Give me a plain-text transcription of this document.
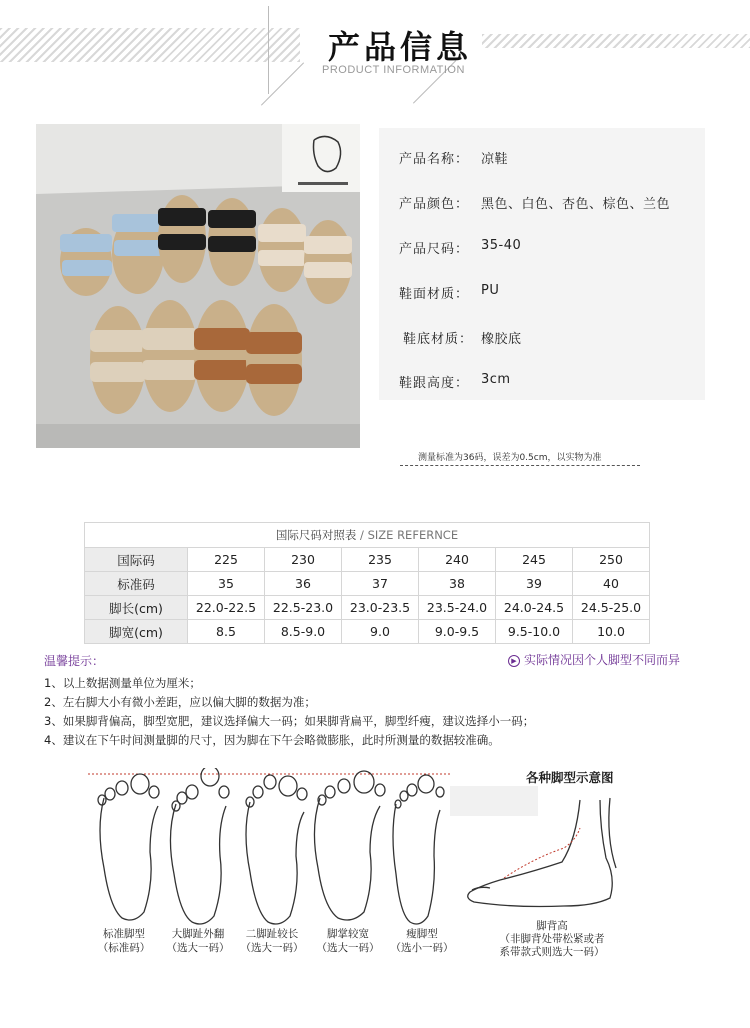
产品信息
PRODUCT INFORMATION
产品名称： 凉鞋
产品颜色： 黑色、白色、杏色、棕色、兰色
产品尺码： 35-40
鞋面材质： PU
鞋底材质： 橡胶底
鞋跟高度： 3cm
测量标准为36码，误差为0.5cm，以实物为准
国际尺码对照表 / SIZE REFERNCE						
国际码	225	230	235	240	245	250
标准码	35	36	37	38	39	40
脚长(cm)	22.0-22.5	22.5-23.0	23.0-23.5	23.5-24.0	24.0-24.5	24.5-25.0
脚宽(cm)	8.5	8.5-9.0	9.0	9.0-9.5	9.5-10.0	10.0
温馨提示：	▶ 实际情况因个人脚型不同而异
1、以上数据测量单位为厘米；
2、左右脚大小有微小差距，应以偏大脚的数据为准；
3、如果脚背偏高，脚型宽肥，建议选择偏大一码；如果脚背扁平，脚型纤瘦，建议选择小一码；
4、建议在下午时间测量脚的尺寸，因为脚在下午会略微膨胀，此时所测量的数据较准确。
标准脚型
（标准码）
大脚趾外翻
（选大一码）
二脚趾较长
（选大一码）
脚掌较宽
（选大一码）
瘦脚型
（选小一码）
各种脚型示意图
脚背高
（非脚背处带松紧或者
系带款式则选大一码）
